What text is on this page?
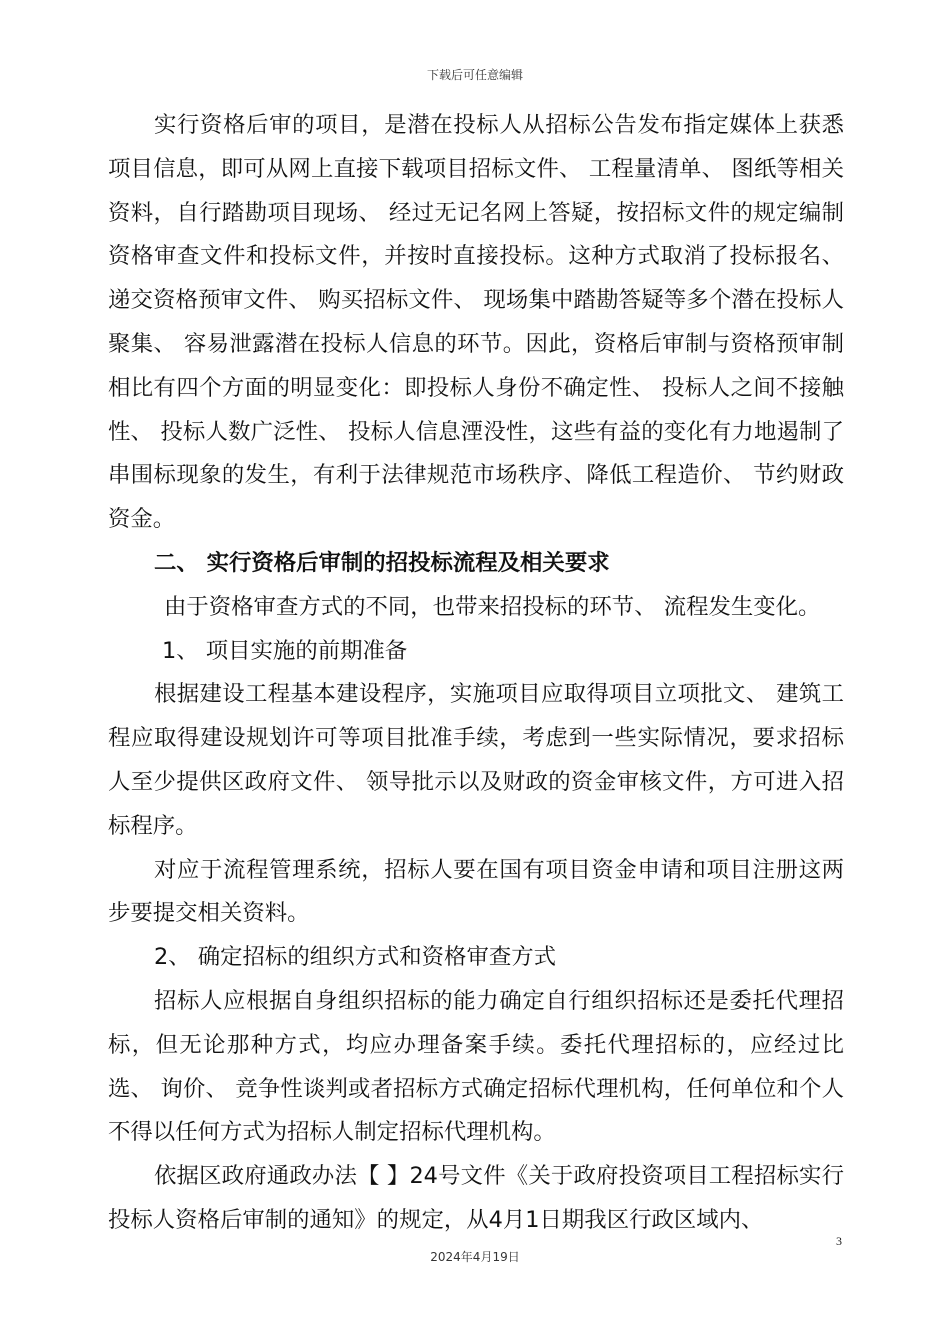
下载后可任意编辑

实行资格后审的项目，是潜在投标人从招标公告发布指定媒体上获悉项目信息，即可从网上直接下载项目招标文件、 工程量清单、 图纸等相关资料，自行踏勘项目现场、 经过无记名网上答疑，按招标文件的规定编制资格审查文件和投标文件，并按时直接投标。这种方式取消了投标报名、 递交资格预审文件、 购买招标文件、 现场集中踏勘答疑等多个潜在投标人聚集、 容易泄露潜在投标人信息的环节。因此，资格后审制与资格预审制相比有四个方面的明显变化：即投标人身份不确定性、 投标人之间不接触性、 投标人数广泛性、 投标人信息湮没性，这些有益的变化有力地遏制了串围标现象的发生，有利于法律规范市场秩序、降低工程造价、 节约财政资金。

二、 实行资格后审制的招投标流程及相关要求

由于资格审查方式的不同，也带来招投标的环节、 流程发生变化。

1、 项目实施的前期准备

根据建设工程基本建设程序，实施项目应取得项目立项批文、 建筑工程应取得建设规划许可等项目批准手续，考虑到一些实际情况，要求招标人至少提供区政府文件、 领导批示以及财政的资金审核文件，方可进入招标程序。

对应于流程管理系统，招标人要在国有项目资金申请和项目注册这两步要提交相关资料。

2、 确定招标的组织方式和资格审查方式

招标人应根据自身组织招标的能力确定自行组织招标还是委托代理招标，但无论那种方式，均应办理备案手续。委托代理招标的，应经过比选、 询价、 竞争性谈判或者招标方式确定招标代理机构，任何单位和个人不得以任何方式为招标人制定招标代理机构。

依据区政府通政办法【 】24号文件《关于政府投资项目工程招标实行投标人资格后审制的通知》的规定，从4月1日期我区行政区域内、

3
2024年4月19日
